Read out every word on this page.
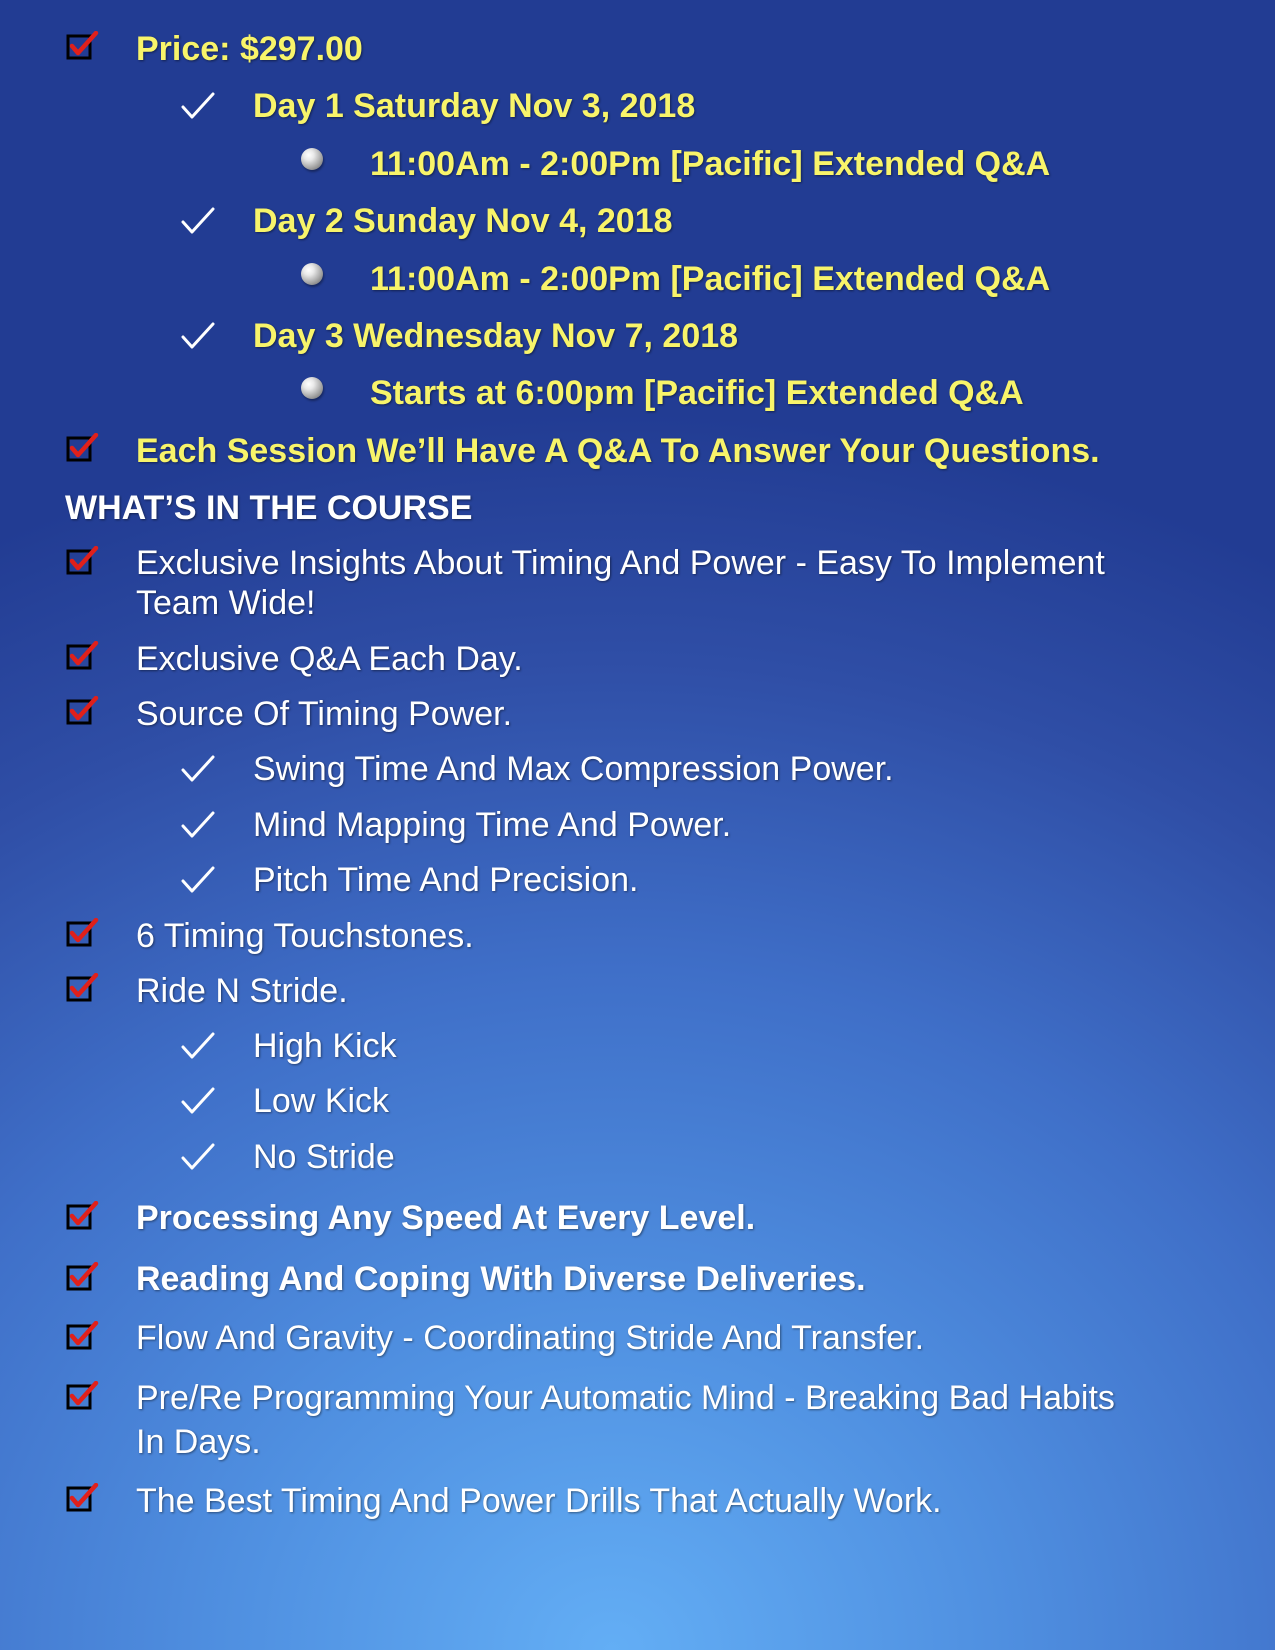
Price: $297.00
Day 1 Saturday Nov 3, 2018
11:00Am - 2:00Pm [Pacific] Extended Q&A
Day 2 Sunday Nov 4, 2018
11:00Am - 2:00Pm [Pacific] Extended Q&A
Day 3 Wednesday Nov 7, 2018
Starts at 6:00pm [Pacific] Extended Q&A
Each Session We’ll Have A Q&A To Answer Your Questions.
WHAT’S IN THE COURSE
Exclusive Insights About Timing And Power - Easy To Implement Team Wide!
Exclusive Q&A Each Day.
Source Of Timing Power.
Swing Time And Max Compression Power.
Mind Mapping Time And Power.
Pitch Time And Precision.
6 Timing Touchstones.
Ride N Stride.
High Kick
Low Kick
No Stride
Processing Any Speed At Every Level.
Reading And Coping With Diverse Deliveries.
Flow And Gravity - Coordinating Stride And Transfer.
Pre/Re Programming Your Automatic Mind - Breaking Bad Habits In Days.
The Best Timing And Power Drills That Actually Work.
